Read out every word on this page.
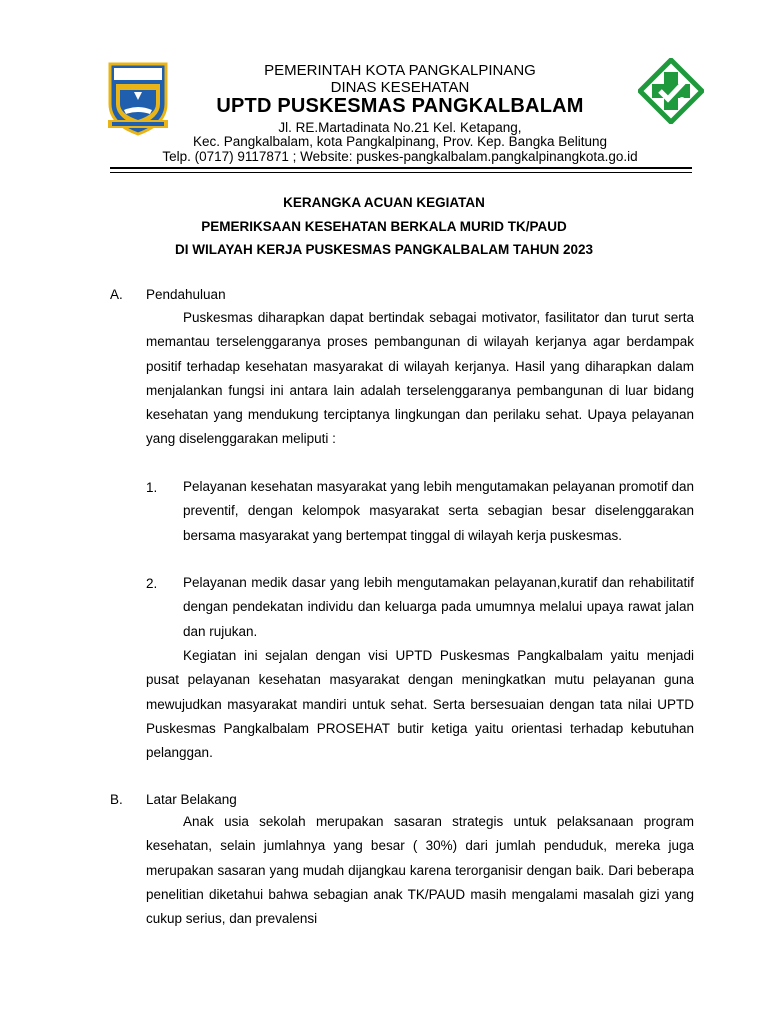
PEMERINTAH KOTA PANGKALPINANG
DINAS KESEHATAN
UPTD PUSKESMAS PANGKALBALAM
Jl. RE.Martadinata No.21 Kel. Ketapang,
Kec. Pangkalbalam, kota Pangkalpinang, Prov. Kep. Bangka Belitung
Telp. (0717) 9117871 ; Website: puskes-pangkalbalam.pangkalpinangkota.go.id
KERANGKA ACUAN KEGIATAN
PEMERIKSAAN KESEHATAN BERKALA MURID TK/PAUD
DI WILAYAH KERJA PUSKESMAS PANGKALBALAM TAHUN 2023
A. Pendahuluan

Puskesmas diharapkan dapat bertindak sebagai motivator, fasilitator dan turut serta memantau terselenggaranya proses pembangunan di wilayah kerjanya agar berdampak positif terhadap kesehatan masyarakat di wilayah kerjanya. Hasil yang diharapkan dalam menjalankan fungsi ini antara lain adalah terselenggaranya pembangunan di luar bidang kesehatan yang mendukung terciptanya lingkungan dan perilaku sehat. Upaya pelayanan yang diselenggarakan meliputi :

1. Pelayanan kesehatan masyarakat yang lebih mengutamakan pelayanan promotif dan preventif, dengan kelompok masyarakat serta sebagian besar diselenggarakan bersama masyarakat yang bertempat tinggal di wilayah kerja puskesmas.

2. Pelayanan medik dasar yang lebih mengutamakan pelayanan,kuratif dan rehabilitatif dengan pendekatan individu dan keluarga pada umumnya melalui upaya rawat jalan dan rujukan.

Kegiatan ini sejalan dengan visi UPTD Puskesmas Pangkalbalam yaitu menjadi pusat pelayanan kesehatan masyarakat dengan meningkatkan mutu pelayanan guna mewujudkan masyarakat mandiri untuk sehat. Serta bersesuaian dengan tata nilai UPTD Puskesmas Pangkalbalam PROSEHAT butir ketiga yaitu orientasi terhadap kebutuhan pelanggan.

B. Latar Belakang

Anak usia sekolah merupakan sasaran strategis untuk pelaksanaan program kesehatan, selain jumlahnya yang besar ( 30%) dari jumlah penduduk, mereka juga merupakan sasaran yang mudah dijangkau karena terorganisir dengan baik. Dari beberapa penelitian diketahui bahwa sebagian anak TK/PAUD masih mengalami masalah gizi yang cukup serius, dan prevalensi
